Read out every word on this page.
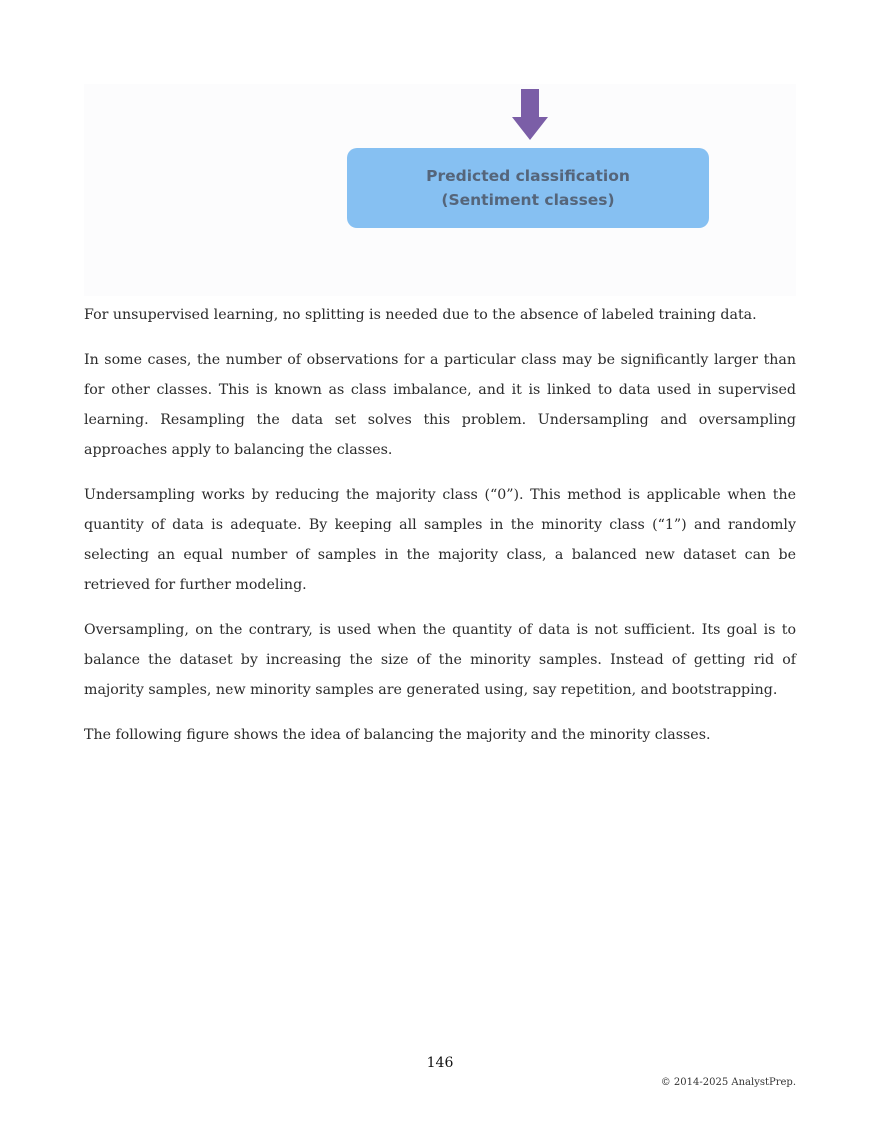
Predicted classification
(Sentiment classes)

For unsupervised learning, no splitting is needed due to the absence of labeled training data.

In some cases, the number of observations for a particular class may be significantly larger than for other classes. This is known as class imbalance, and it is linked to data used in supervised learning. Resampling the data set solves this problem. Undersampling and oversampling approaches apply to balancing the classes.

Undersampling works by reducing the majority class (“0”). This method is applicable when the quantity of data is adequate. By keeping all samples in the minority class (“1”) and randomly selecting an equal number of samples in the majority class, a balanced new dataset can be retrieved for further modeling.

Oversampling, on the contrary, is used when the quantity of data is not sufficient. Its goal is to balance the dataset by increasing the size of the minority samples. Instead of getting rid of majority samples, new minority samples are generated using, say repetition, and bootstrapping.

The following figure shows the idea of balancing the majority and the minority classes.

146
© 2014-2025 AnalystPrep.
